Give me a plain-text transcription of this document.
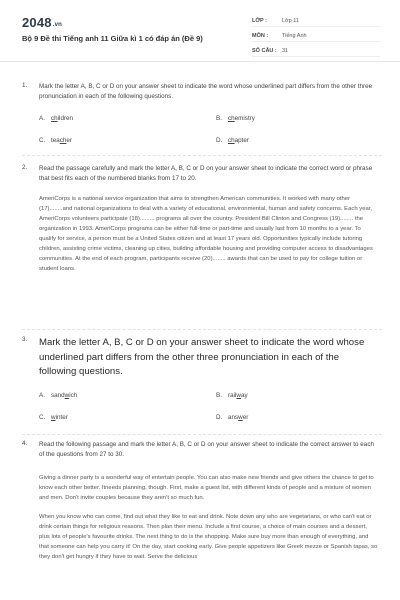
2048.vn
Bộ 9 Đề thi Tiếng anh 11 Giữa kì 1 có đáp án (Đề 9)
LỚP :	Lớp 11
MÔN :	Tiếng Anh
SỐ CÂU : 31
1. Mark the letter A, B, C or D on your answer sheet to indicate the word whose underlined part differs from the other three pronunciation in each of the following questions.
A. children	B. chemistry
C. teacher	D. chapter
2. Read the passage carefully and mark the letter A, B, C or D on your answer sheet to indicate the correct word or phrase that best fits each of the numbered blanks from 17 to 20.

AmeriCorps is a national service organization that aims to strengthen American communities. It worked with many other (17)........and national organizations to deal with a variety of educational, environmental, human and safety concerns. Each year, AmeriCorps volunteers participate (18)......... programs all over the country. President Bill Clinton and Congress (19)........ the organization in 1993. AmeriCorps programs can be either full-time or part-time and usually last from 10 months to a year. To qualify for service, a person must be a United States citizen and at least 17 years old. Opportunities typically include tutoring children, assisting crime victims, cleaning up cities, building affordable housing and providing computer access to disadvantages communities. At the end of each program, participants receive (20)........ awards that can be used to pay for college tuition or student loans.

3. Mark the letter A, B, C or D on your answer sheet to indicate the word whose underlined part differs from the other three pronunciation in each of the following questions.
A. sandwich	B. railway
C. winter	D. answer
4. Read the following passage and mark the letter A, B, C or D on your answer sheet to indicate the correct answer to each of the questions from 27 to 30.

Giving a dinner party is a wonderful way of entertain people. You can also make new friends and give others the chance to get to know each other better. Itneeds planning, though. First, make a guest list, with different kinds of people and a mixture of women and men. Don't invite couples because they aren't so much fun.

When you know who can come, find out what they like to eat and drink. Note down any who are vegetarians, or who can't eat or drink certain things for religious reasons. Then plan their menu. Include a first course, a choice of main courses and a dessert, plus lots of people's favourite drinks. The next thing to do is the shopping. Make sure buy more than enough of everything, and that someone can help you carry it! On the day, start cooking early. Give people appetizers like Greek mezze or Spanish tapas, so they don't get hungry if they have to wait. Serve the delicious
